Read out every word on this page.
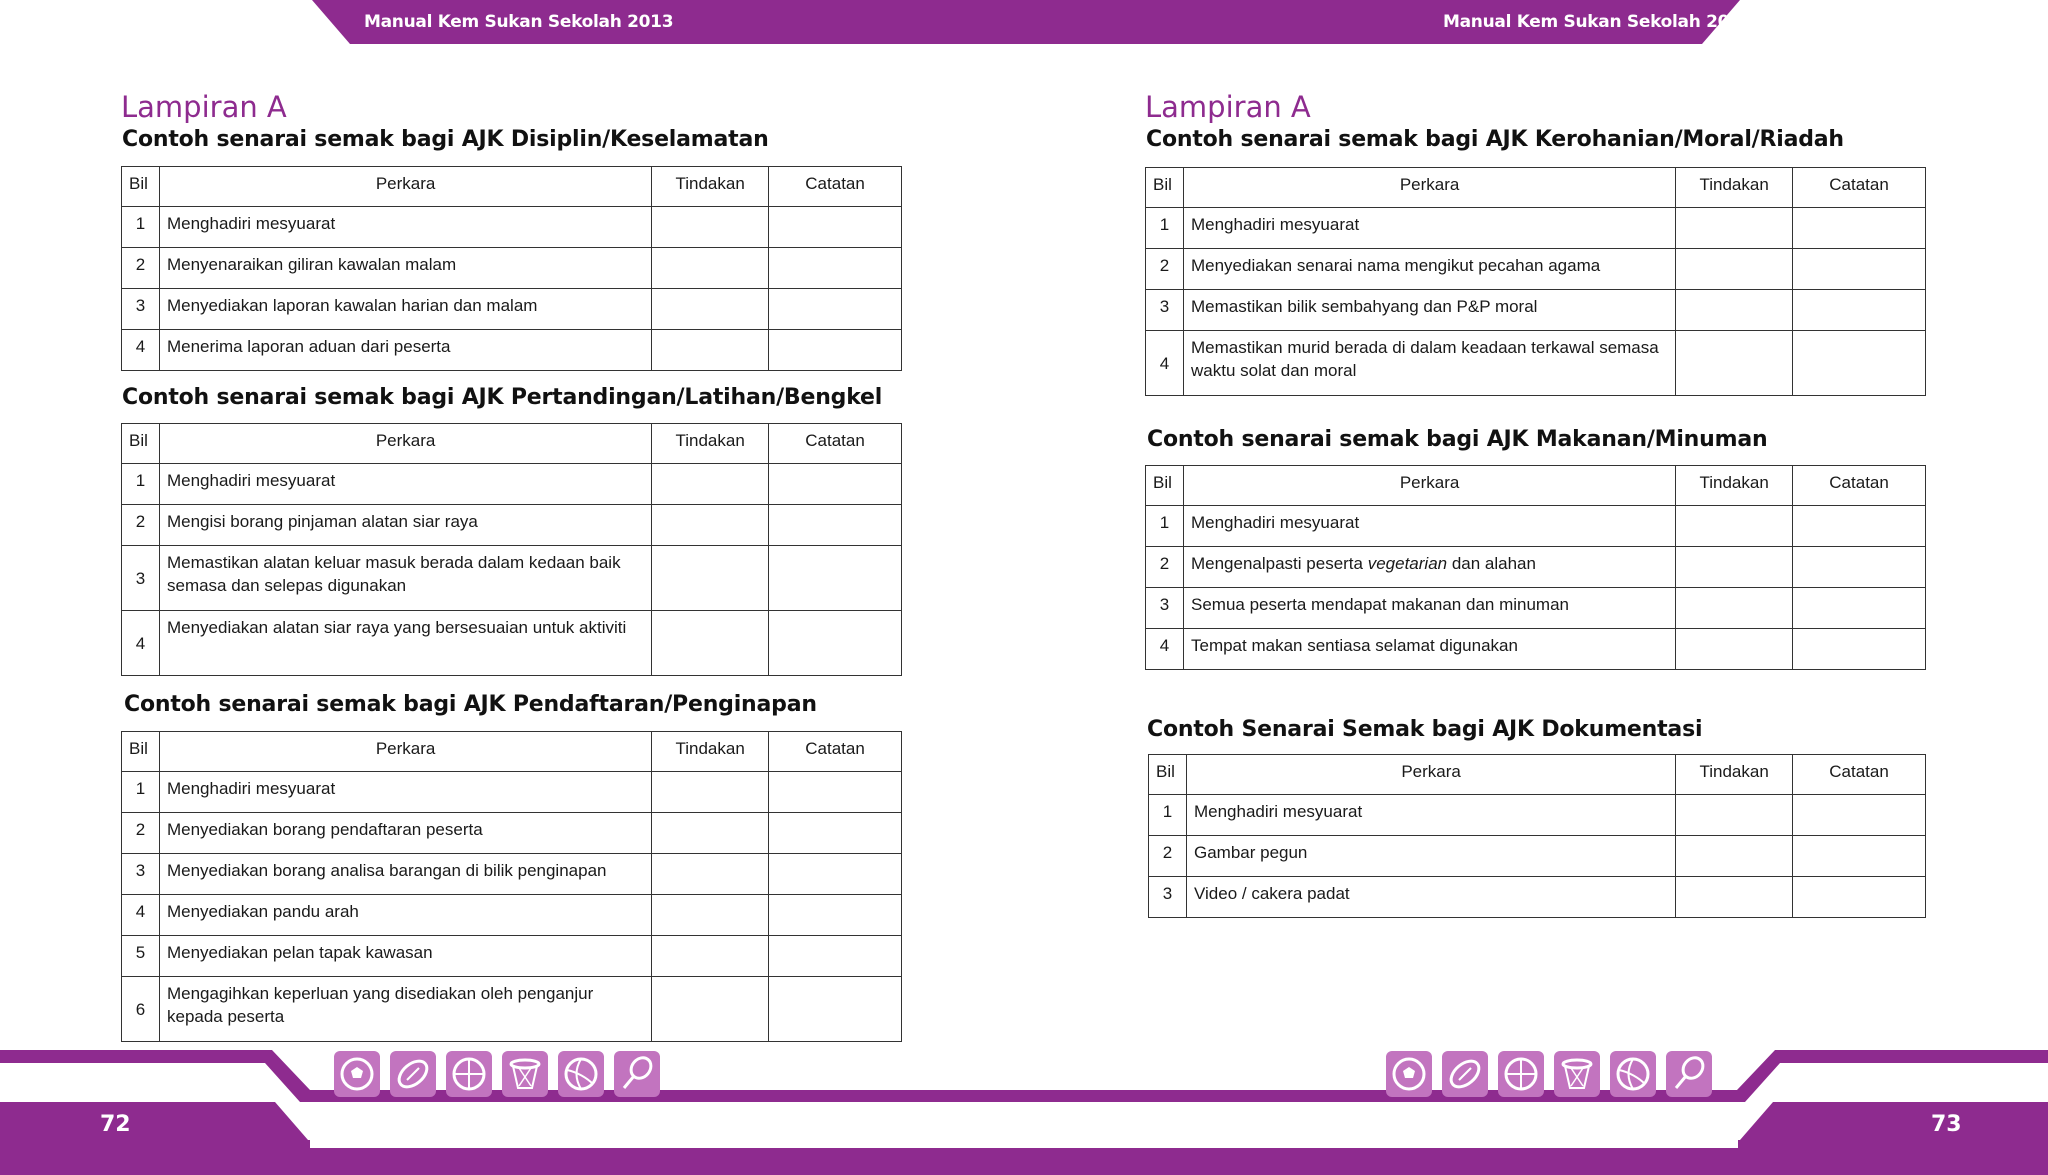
Manual Kem Sukan Sekolah 2013	Manual Kem Sukan Sekolah 2013
Lampiran A
Contoh senarai semak bagi AJK Disiplin/Keselamatan
Bil	Perkara	Tindakan	Catatan
1	Menghadiri mesyuarat		
2	Menyenaraikan giliran kawalan malam		
3	Menyediakan laporan kawalan harian dan malam		
4	Menerima laporan aduan dari peserta		
Contoh senarai semak bagi AJK Pertandingan/Latihan/Bengkel
Bil	Perkara	Tindakan	Catatan
1	Menghadiri mesyuarat		
2	Mengisi borang pinjaman alatan siar raya		
3	Memastikan alatan keluar masuk berada dalam kedaan baik semasa dan selepas digunakan		
4	Menyediakan alatan siar raya yang bersesuaian untuk aktiviti		
Contoh senarai semak bagi AJK Pendaftaran/Penginapan
Bil	Perkara	Tindakan	Catatan
1	Menghadiri mesyuarat		
2	Menyediakan borang pendaftaran peserta		
3	Menyediakan borang analisa barangan di bilik penginapan		
4	Menyediakan pandu arah		
5	Menyediakan pelan tapak kawasan		
6	Mengagihkan keperluan yang disediakan oleh penganjur kepada peserta		
Lampiran A
Contoh senarai semak bagi AJK Kerohanian/Moral/Riadah
Bil	Perkara	Tindakan	Catatan
1	Menghadiri mesyuarat		
2	Menyediakan senarai nama mengikut pecahan agama		
3	Memastikan bilik sembahyang dan P&P moral		
4	Memastikan murid berada di dalam keadaan terkawal semasa waktu solat dan moral		
Contoh senarai semak bagi AJK Makanan/Minuman
Bil	Perkara	Tindakan	Catatan
1	Menghadiri mesyuarat		
2	Mengenalpasti peserta vegetarian dan alahan		
3	Semua peserta mendapat makanan dan minuman		
4	Tempat makan sentiasa selamat digunakan		
Contoh Senarai Semak bagi AJK Dokumentasi
Bil	Perkara	Tindakan	Catatan
1	Menghadiri mesyuarat		
2	Gambar pegun		
3	Video / cakera padat		
72	73
